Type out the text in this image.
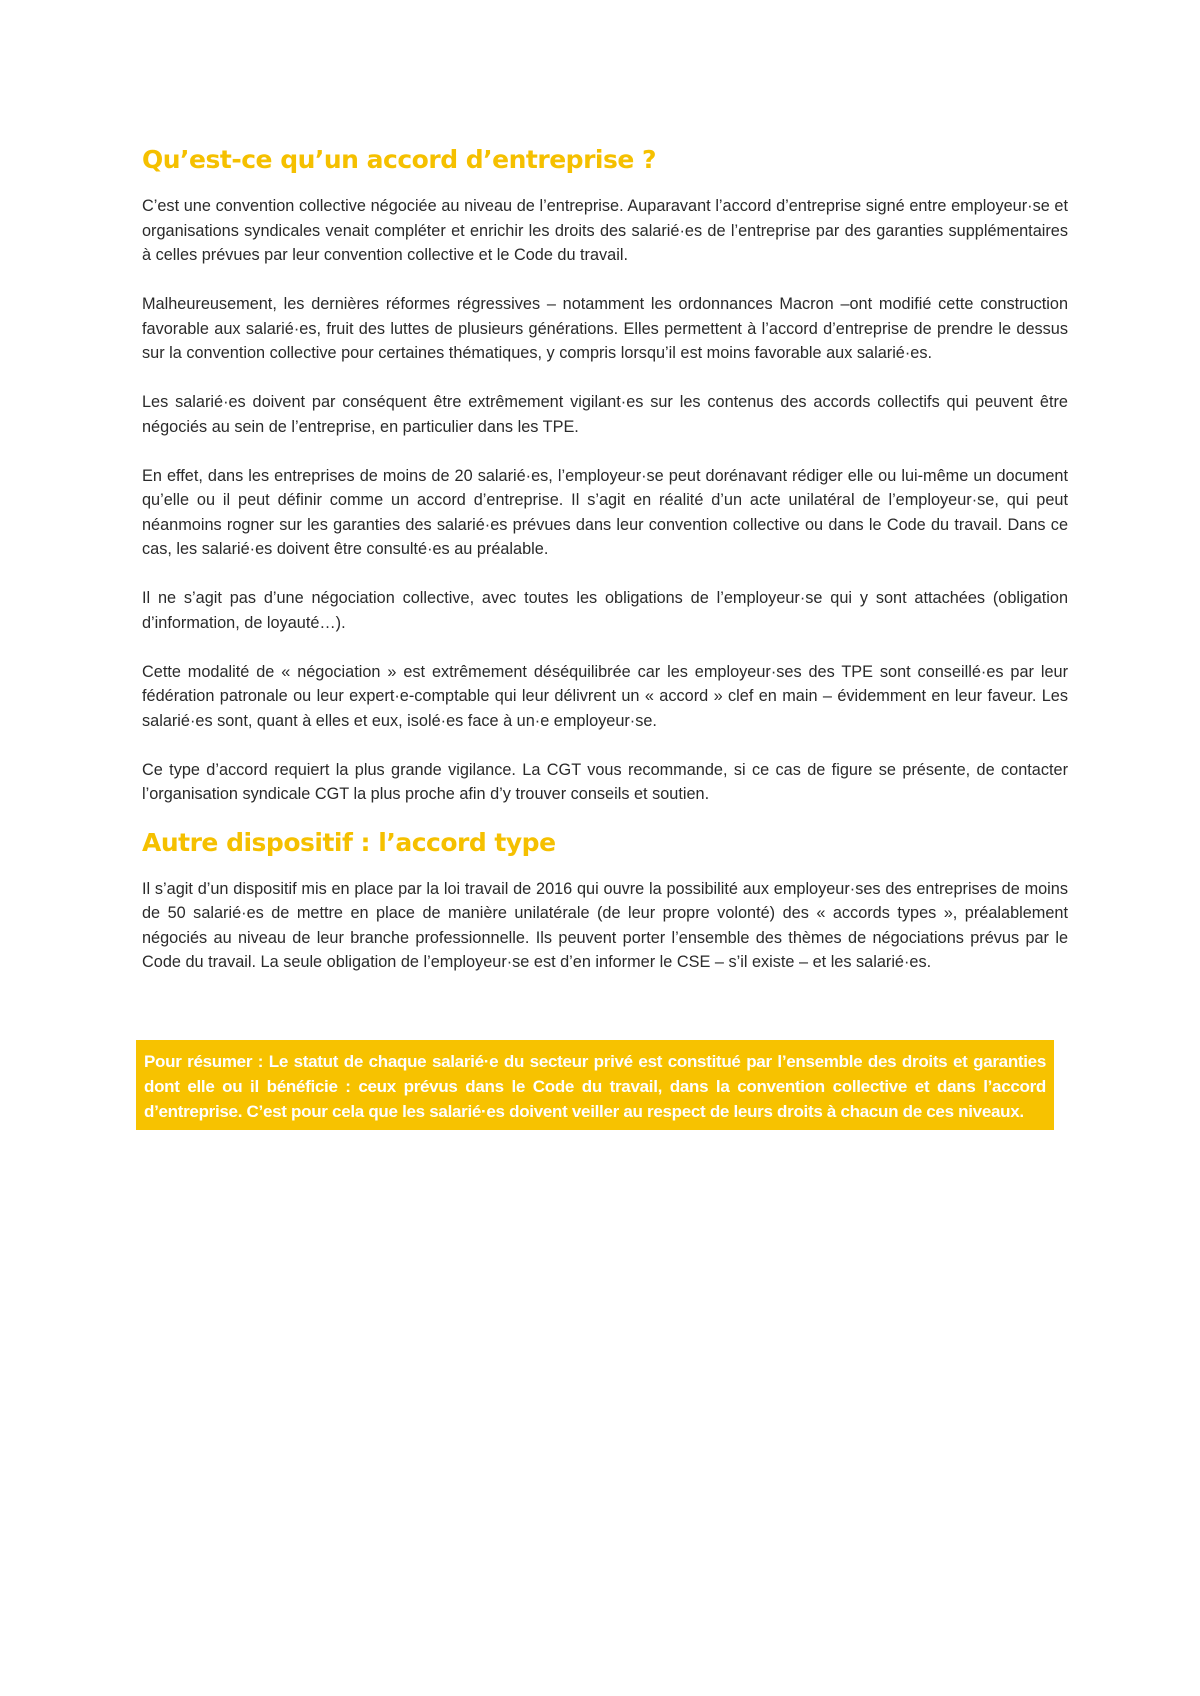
Qu’est-ce qu’un accord d’entreprise ?

C’est une convention collective négociée au niveau de l’entreprise. Auparavant l’accord d’entreprise signé entre employeur·se et organisations syndicales venait compléter et enrichir les droits des salarié·es de l’entreprise par des garanties supplémentaires à celles prévues par leur convention collective et le Code du travail.

Malheureusement, les dernières réformes régressives – notamment les ordonnances Macron –ont modifié cette construction favorable aux salarié·es, fruit des luttes de plusieurs générations. Elles permettent à l’accord d’entreprise de prendre le dessus sur la convention collective pour certaines thématiques, y compris lorsqu’il est moins favorable aux salarié·es.

Les salarié·es doivent par conséquent être extrêmement vigilant·es sur les contenus des accords collectifs qui peuvent être négociés au sein de l’entreprise, en particulier dans les TPE.

En effet, dans les entreprises de moins de 20 salarié·es, l’employeur·se peut dorénavant rédiger elle ou lui-même un document qu’elle ou il peut définir comme un accord d’entreprise. Il s’agit en réalité d’un acte unilatéral de l’employeur·se, qui peut néanmoins rogner sur les garanties des salarié·es prévues dans leur convention collective ou dans le Code du travail. Dans ce cas, les salarié·es doivent être consulté·es au préalable.

Il ne s’agit pas d’une négociation collective, avec toutes les obligations de l’employeur·se qui y sont attachées (obligation d’information, de loyauté…).

Cette modalité de « négociation » est extrêmement déséquilibrée car les employeur·ses des TPE sont conseillé·es par leur fédération patronale ou leur expert·e-comptable qui leur délivrent un « accord » clef en main – évidemment en leur faveur. Les salarié·es sont, quant à elles et eux, isolé·es face à un·e employeur·se.

Ce type d’accord requiert la plus grande vigilance. La CGT vous recommande, si ce cas de figure se présente, de contacter l’organisation syndicale CGT la plus proche afin d’y trouver conseils et soutien.

Autre dispositif : l’accord type

Il s’agit d’un dispositif mis en place par la loi travail de 2016 qui ouvre la possibilité aux employeur·ses des entreprises de moins de 50 salarié·es de mettre en place de manière unilatérale (de leur propre volonté) des « accords types », préalablement négociés au niveau de leur branche professionnelle. Ils peuvent porter l’ensemble des thèmes de négociations prévus par le Code du travail. La seule obligation de l’employeur·se est d’en informer le CSE – s’il existe – et les salarié·es.

Pour résumer : Le statut de chaque salarié·e du secteur privé est constitué par l’ensemble des droits et garanties dont elle ou il bénéficie : ceux prévus dans le Code du travail, dans la convention collective et dans l’accord d’entreprise. C’est pour cela que les salarié·es doivent veiller au respect de leurs droits à chacun de ces niveaux.
